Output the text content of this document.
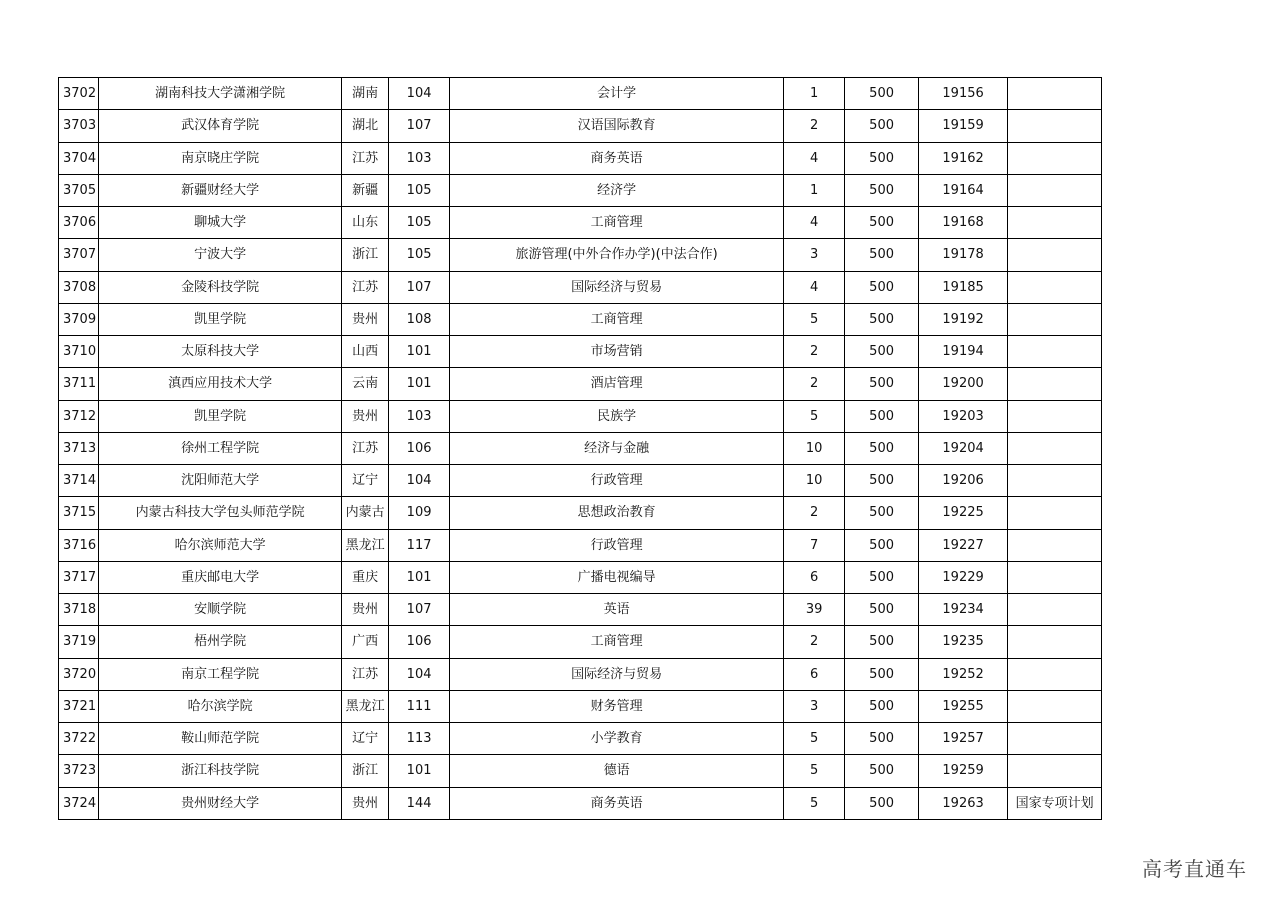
3702	湖南科技大学潇湘学院	湖南	104	会计学	1	500	19156	
3703	武汉体育学院	湖北	107	汉语国际教育	2	500	19159	
3704	南京晓庄学院	江苏	103	商务英语	4	500	19162	
3705	新疆财经大学	新疆	105	经济学	1	500	19164	
3706	聊城大学	山东	105	工商管理	4	500	19168	
3707	宁波大学	浙江	105	旅游管理(中外合作办学)(中法合作)	3	500	19178	
3708	金陵科技学院	江苏	107	国际经济与贸易	4	500	19185	
3709	凯里学院	贵州	108	工商管理	5	500	19192	
3710	太原科技大学	山西	101	市场营销	2	500	19194	
3711	滇西应用技术大学	云南	101	酒店管理	2	500	19200	
3712	凯里学院	贵州	103	民族学	5	500	19203	
3713	徐州工程学院	江苏	106	经济与金融	10	500	19204	
3714	沈阳师范大学	辽宁	104	行政管理	10	500	19206	
3715	内蒙古科技大学包头师范学院	内蒙古	109	思想政治教育	2	500	19225	
3716	哈尔滨师范大学	黑龙江	117	行政管理	7	500	19227	
3717	重庆邮电大学	重庆	101	广播电视编导	6	500	19229	
3718	安顺学院	贵州	107	英语	39	500	19234	
3719	梧州学院	广西	106	工商管理	2	500	19235	
3720	南京工程学院	江苏	104	国际经济与贸易	6	500	19252	
3721	哈尔滨学院	黑龙江	111	财务管理	3	500	19255	
3722	鞍山师范学院	辽宁	113	小学教育	5	500	19257	
3723	浙江科技学院	浙江	101	德语	5	500	19259	
3724	贵州财经大学	贵州	144	商务英语	5	500	19263	国家专项计划
高考直通车
